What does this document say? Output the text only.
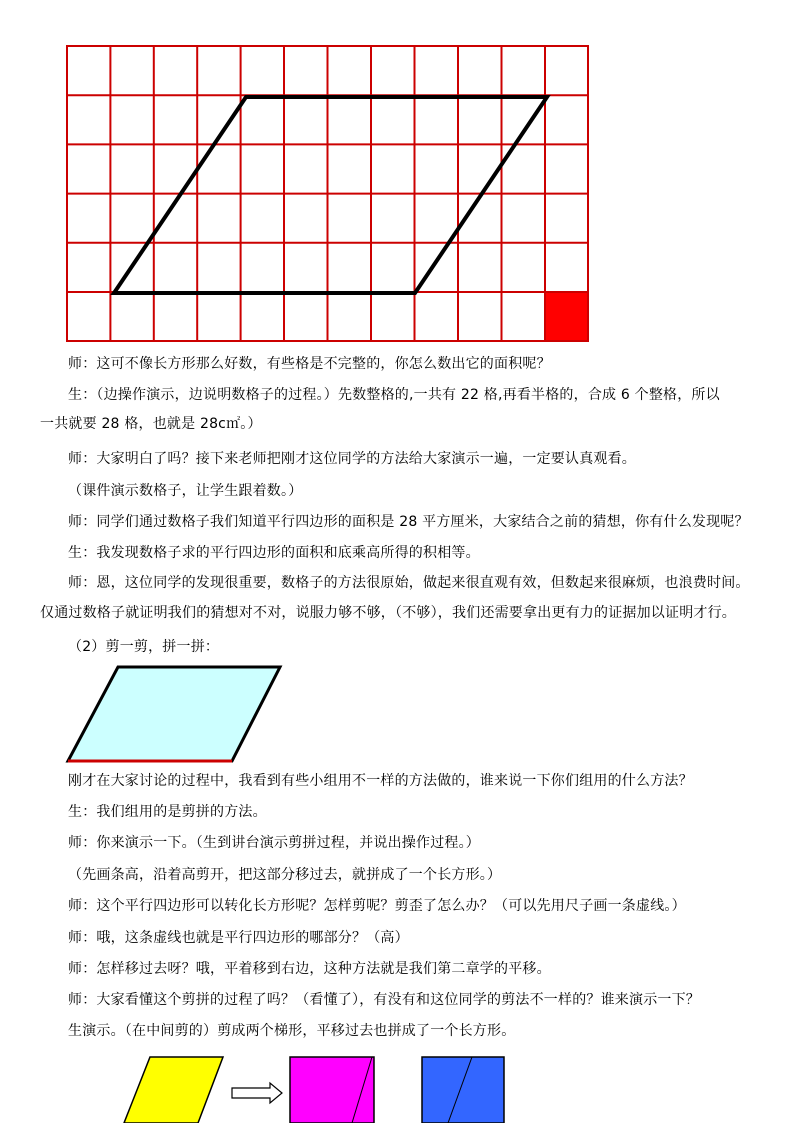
师：这可不像长方形那么好数，有些格是不完整的，你怎么数出它的面积呢？
生：（边操作演示，边说明数格子的过程。）先数整格的,一共有 22 格,再看半格的，合成 6 个整格，所以
一共就要 28 格，也就是 28c㎡。）
师：大家明白了吗？接下来老师把刚才这位同学的方法给大家演示一遍，一定要认真观看。
（课件演示数格子，让学生跟着数。）
师：同学们通过数格子我们知道平行四边形的面积是 28 平方厘米，大家结合之前的猜想，你有什么发现呢？
生：我发现数格子求的平行四边形的面积和底乘高所得的积相等。
师：恩，这位同学的发现很重要，数格子的方法很原始，做起来很直观有效，但数起来很麻烦，也浪费时间。
仅通过数格子就证明我们的猜想对不对，说服力够不够，（不够），我们还需要拿出更有力的证据加以证明才行。
（2）剪一剪，拼一拼：
刚才在大家讨论的过程中，我看到有些小组用不一样的方法做的，谁来说一下你们组用的什么方法？
生：我们组用的是剪拼的方法。
师：你来演示一下。（生到讲台演示剪拼过程，并说出操作过程。）
（先画条高，沿着高剪开，把这部分移过去，就拼成了一个长方形。）
师：这个平行四边形可以转化长方形呢？怎样剪呢？剪歪了怎么办？（可以先用尺子画一条虚线。）
师：哦，这条虚线也就是平行四边形的哪部分？（高）
师：怎样移过去呀？哦，平着移到右边，这种方法就是我们第二章学的平移。
师：大家看懂这个剪拼的过程了吗？（看懂了），有没有和这位同学的剪法不一样的？谁来演示一下？
生演示。（在中间剪的）剪成两个梯形，平移过去也拼成了一个长方形。
